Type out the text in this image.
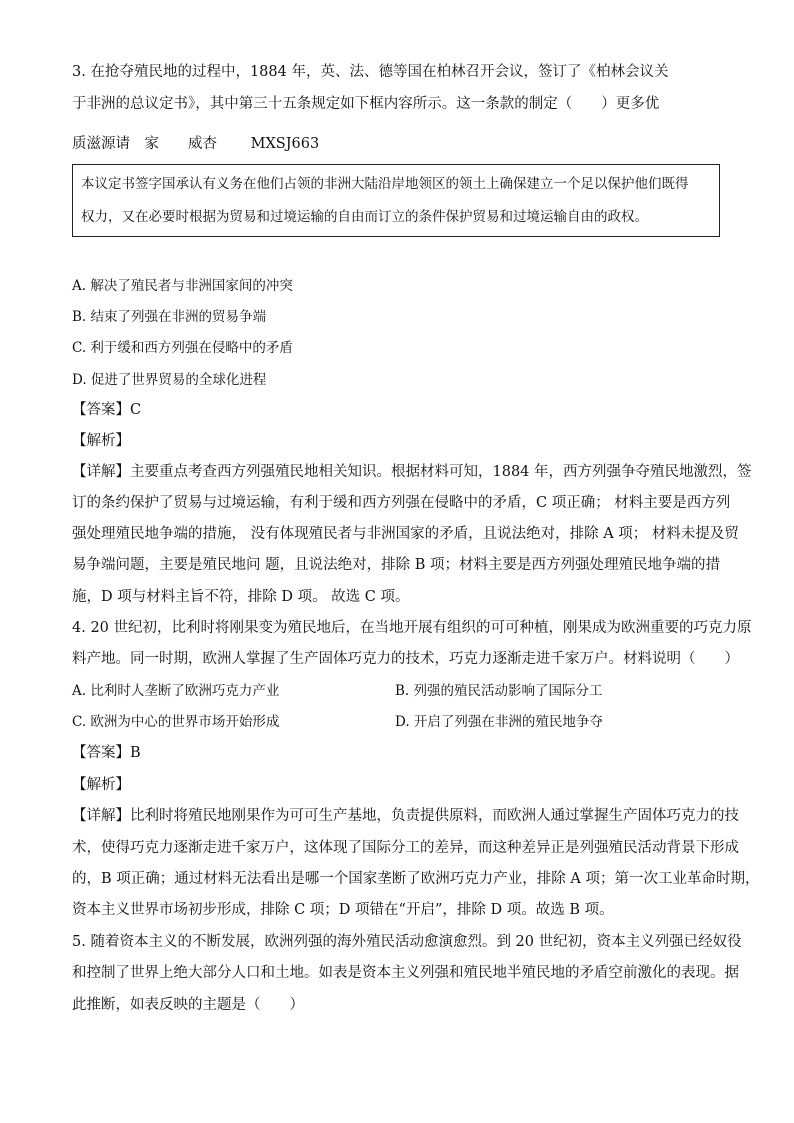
3. 在抢夺殖民地的过程中，1884 年，英、法、德等国在柏林召开会议，签订了《柏林会议关
于非洲的总议定书》，其中第三十五条规定如下框内容所示。这一条款的制定（　　）更多优
质滋源请　家　　威杏　　 MXSJ663
本议定书签字国承认有义务在他们占领的非洲大陆沿岸地领区的领土上确保建立一个足以保护他们既得
权力，又在必要时根据为贸易和过境运输的自由而订立的条件保护贸易和过境运输自由的政权。
A. 解决了殖民者与非洲国家间的冲突
B. 结束了列强在非洲的贸易争端
C. 利于缓和西方列强在侵略中的矛盾
D. 促进了世界贸易的全球化进程
【答案】C
【解析】
【详解】主要重点考查西方列强殖民地相关知识。根据材料可知，1884 年，西方列强争夺殖民地激烈，签
订的条约保护了贸易与过境运输，有利于缓和西方列强在侵略中的矛盾，C 项正确； 材料主要是西方列
强处理殖民地争端的措施， 没有体现殖民者与非洲国家的矛盾，且说法绝对，排除 A 项； 材料未提及贸
易争端问题，主要是殖民地问 题，且说法绝对，排除 B 项；材料主要是西方列强处理殖民地争端的措
施，D 项与材料主旨不符，排除 D 项。 故选 C 项。
4. 20 世纪初，比利时将刚果变为殖民地后，在当地开展有组织的可可种植，刚果成为欧洲重要的巧克力原
料产地。同一时期，欧洲人掌握了生产固体巧克力的技术，巧克力逐渐走进千家万户。材料说明（　　）
A. 比利时人垄断了欧洲巧克力产业	B. 列强的殖民活动影响了国际分工
C. 欧洲为中心的世界市场开始形成	D. 开启了列强在非洲的殖民地争夺
【答案】B
【解析】
【详解】比利时将殖民地刚果作为可可生产基地，负责提供原料，而欧洲人通过掌握生产固体巧克力的技
术，使得巧克力逐渐走进千家万户，这体现了国际分工的差异，而这种差异正是列强殖民活动背景下形成
的，B 项正确；通过材料无法看出是哪一个国家垄断了欧洲巧克力产业，排除 A 项；第一次工业革命时期，
资本主义世界市场初步形成，排除 C 项；D 项错在“开启”，排除 D 项。故选 B 项。
5. 随着资本主义的不断发展，欧洲列强的海外殖民活动愈演愈烈。到 20 世纪初，资本主义列强已经奴役
和控制了世界上绝大部分人口和土地。如表是资本主义列强和殖民地半殖民地的矛盾空前激化的表现。据
此推断，如表反映的主题是（　　）
